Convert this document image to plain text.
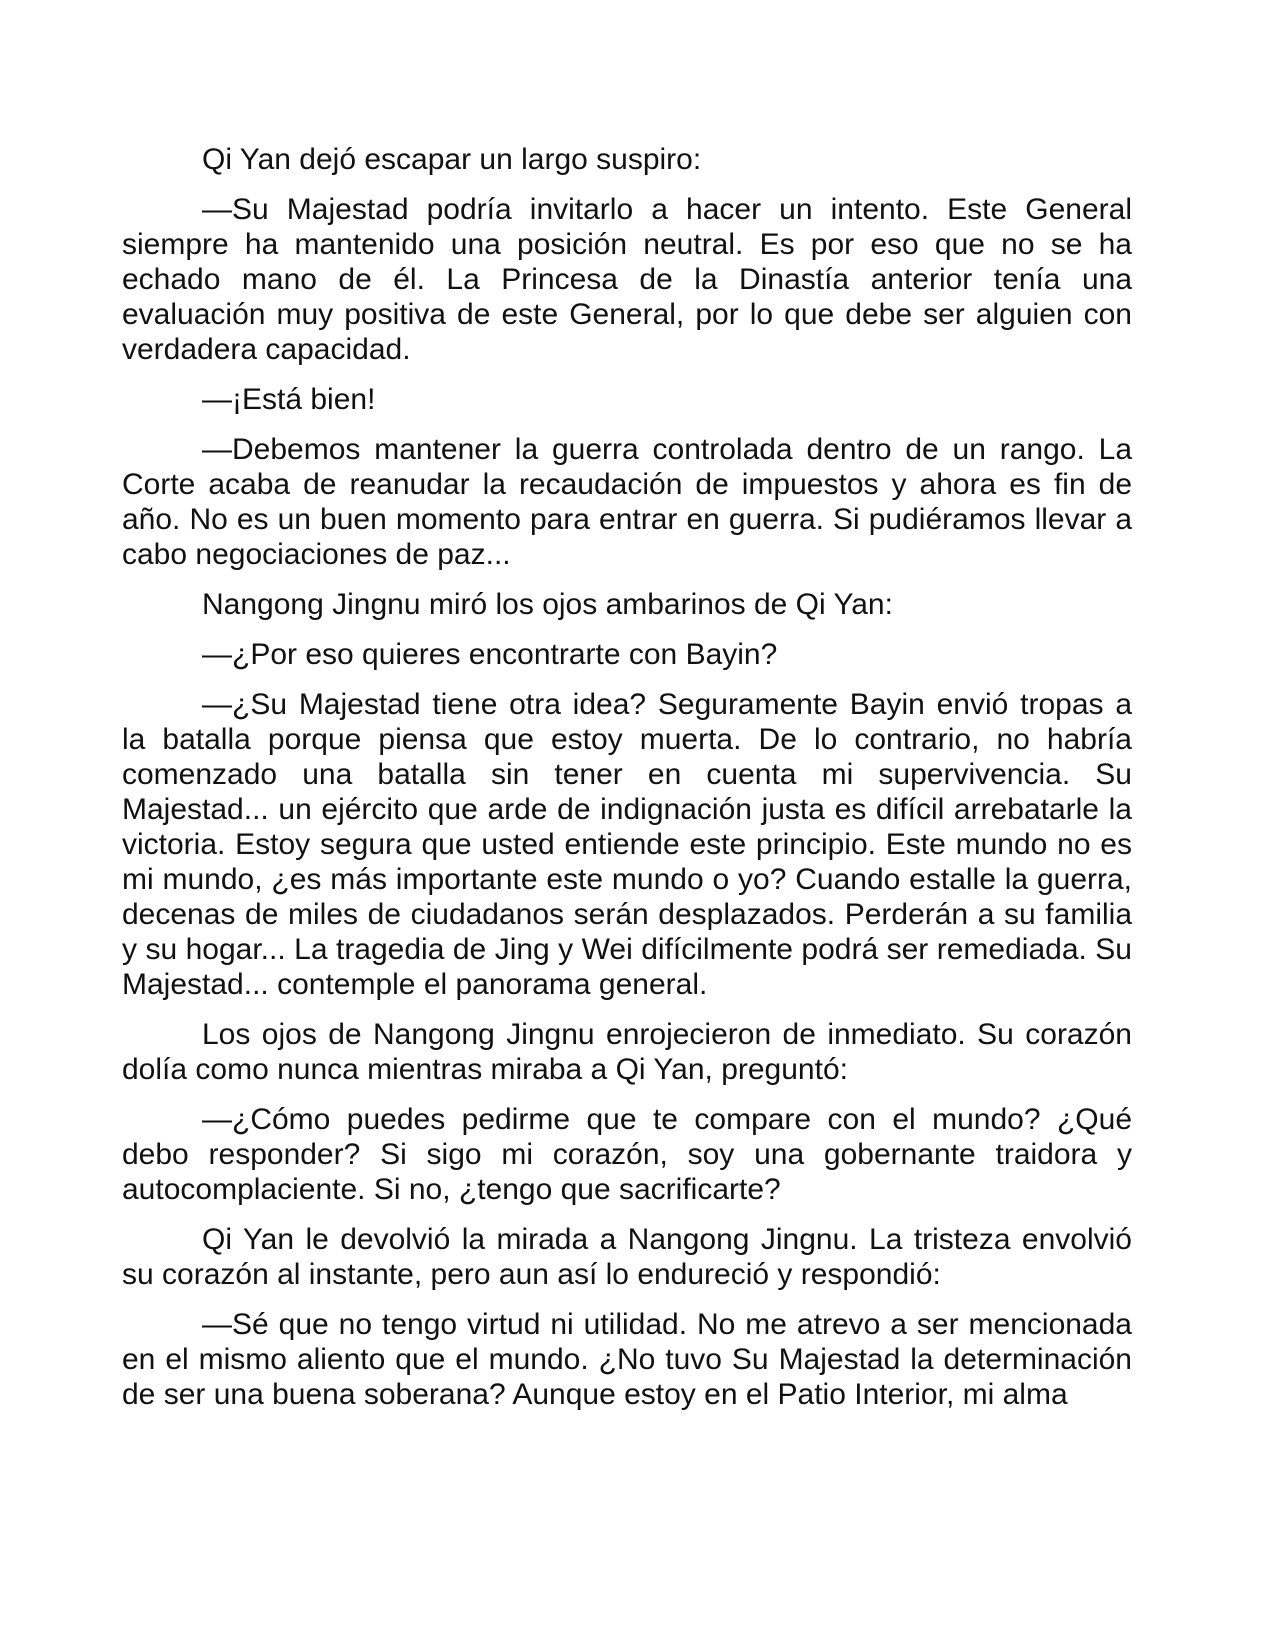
Qi Yan dejó escapar un largo suspiro:

—Su Majestad podría invitarlo a hacer un intento. Este General siempre ha mantenido una posición neutral. Es por eso que no se ha echado mano de él. La Princesa de la Dinastía anterior tenía una evaluación muy positiva de este General, por lo que debe ser alguien con verdadera capacidad.

—¡Está bien!

—Debemos mantener la guerra controlada dentro de un rango. La Corte acaba de reanudar la recaudación de impuestos y ahora es fin de año. No es un buen momento para entrar en guerra. Si pudiéramos llevar a cabo negociaciones de paz...

Nangong Jingnu miró los ojos ambarinos de Qi Yan:

—¿Por eso quieres encontrarte con Bayin?

—¿Su Majestad tiene otra idea? Seguramente Bayin envió tropas a la batalla porque piensa que estoy muerta. De lo contrario, no habría comenzado una batalla sin tener en cuenta mi supervivencia. Su Majestad... un ejército que arde de indignación justa es difícil arrebatarle la victoria. Estoy segura que usted entiende este principio. Este mundo no es mi mundo, ¿es más importante este mundo o yo? Cuando estalle la guerra, decenas de miles de ciudadanos serán desplazados. Perderán a su familia y su hogar... La tragedia de Jing y Wei difícilmente podrá ser remediada. Su Majestad... contemple el panorama general.

Los ojos de Nangong Jingnu enrojecieron de inmediato. Su corazón dolía como nunca mientras miraba a Qi Yan, preguntó:

—¿Cómo puedes pedirme que te compare con el mundo? ¿Qué debo responder? Si sigo mi corazón, soy una gobernante traidora y autocomplaciente. Si no, ¿tengo que sacrificarte?

Qi Yan le devolvió la mirada a Nangong Jingnu. La tristeza envolvió su corazón al instante, pero aun así lo endureció y respondió:

—Sé que no tengo virtud ni utilidad. No me atrevo a ser mencionada en el mismo aliento que el mundo. ¿No tuvo Su Majestad la determinación de ser una buena soberana? Aunque estoy en el Patio Interior, mi alma
